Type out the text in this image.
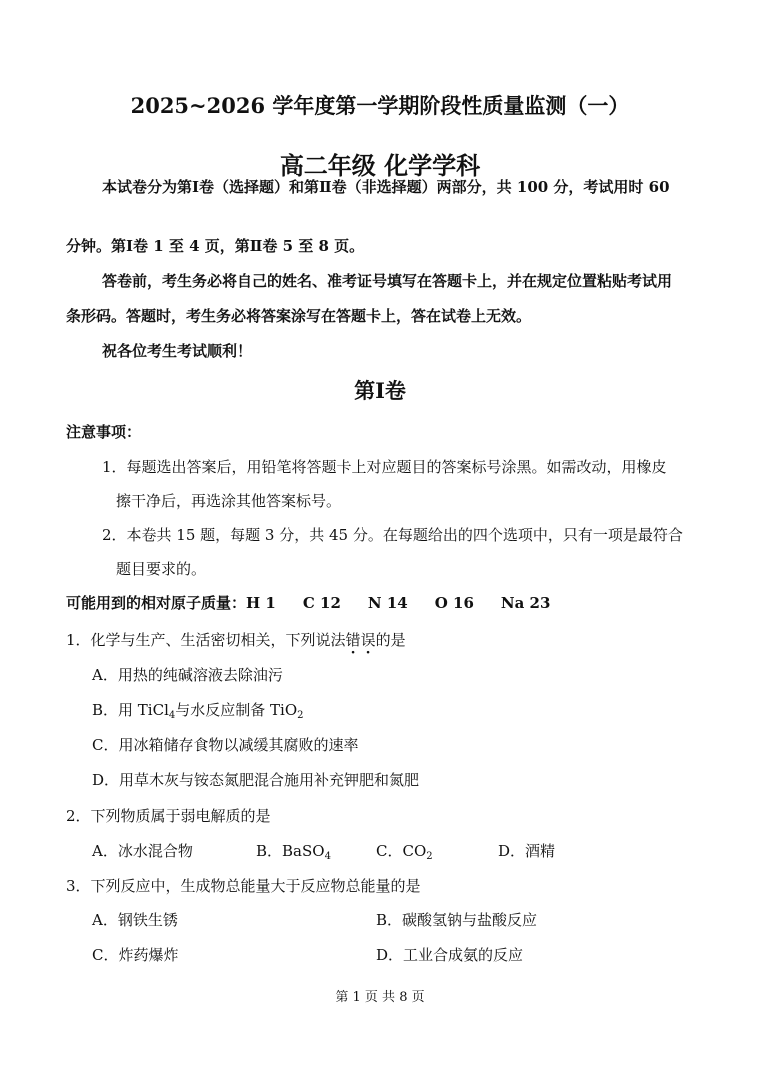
2025~2026 学年度第一学期阶段性质量监测（一）
高二年级 化学学科
本试卷分为第Ⅰ卷（选择题）和第Ⅱ卷（非选择题）两部分，共 100 分，考试用时 60
分钟。第Ⅰ卷 1 至 4 页，第Ⅱ卷 5 至 8 页。
答卷前，考生务必将自己的姓名、准考证号填写在答题卡上，并在规定位置粘贴考试用
条形码。答题时，考生务必将答案涂写在答题卡上，答在试卷上无效。
祝各位考生考试顺利！
第Ⅰ卷
注意事项：
1．每题选出答案后，用铅笔将答题卡上对应题目的答案标号涂黑。如需改动，用橡皮
擦干净后，再选涂其他答案标号。
2．本卷共 15 题，每题 3 分，共 45 分。在每题给出的四个选项中，只有一项是最符合
题目要求的。
可能用到的相对原子质量：H 1 C 12 N 14 O 16 Na 23
1．化学与生产、生活密切相关，下列说法错误的是
A．用热的纯碱溶液去除油污
B．用 TiCl$_4$与水反应制备 TiO$_2$
C．用冰箱储存食物以减缓其腐败的速率
D．用草木灰与铵态氮肥混合施用补充钾肥和氮肥
2．下列物质属于弱电解质的是
A．冰水混合物	B．BaSO$_4$	C．$CO_2$	D．酒精
3．下列反应中，生成物总能量大于反应物总能量的是
A．钢铁生锈	B．碳酸氢钠与盐酸反应
C．炸药爆炸	D．工业合成氨的反应
第 1 页 共 8 页
